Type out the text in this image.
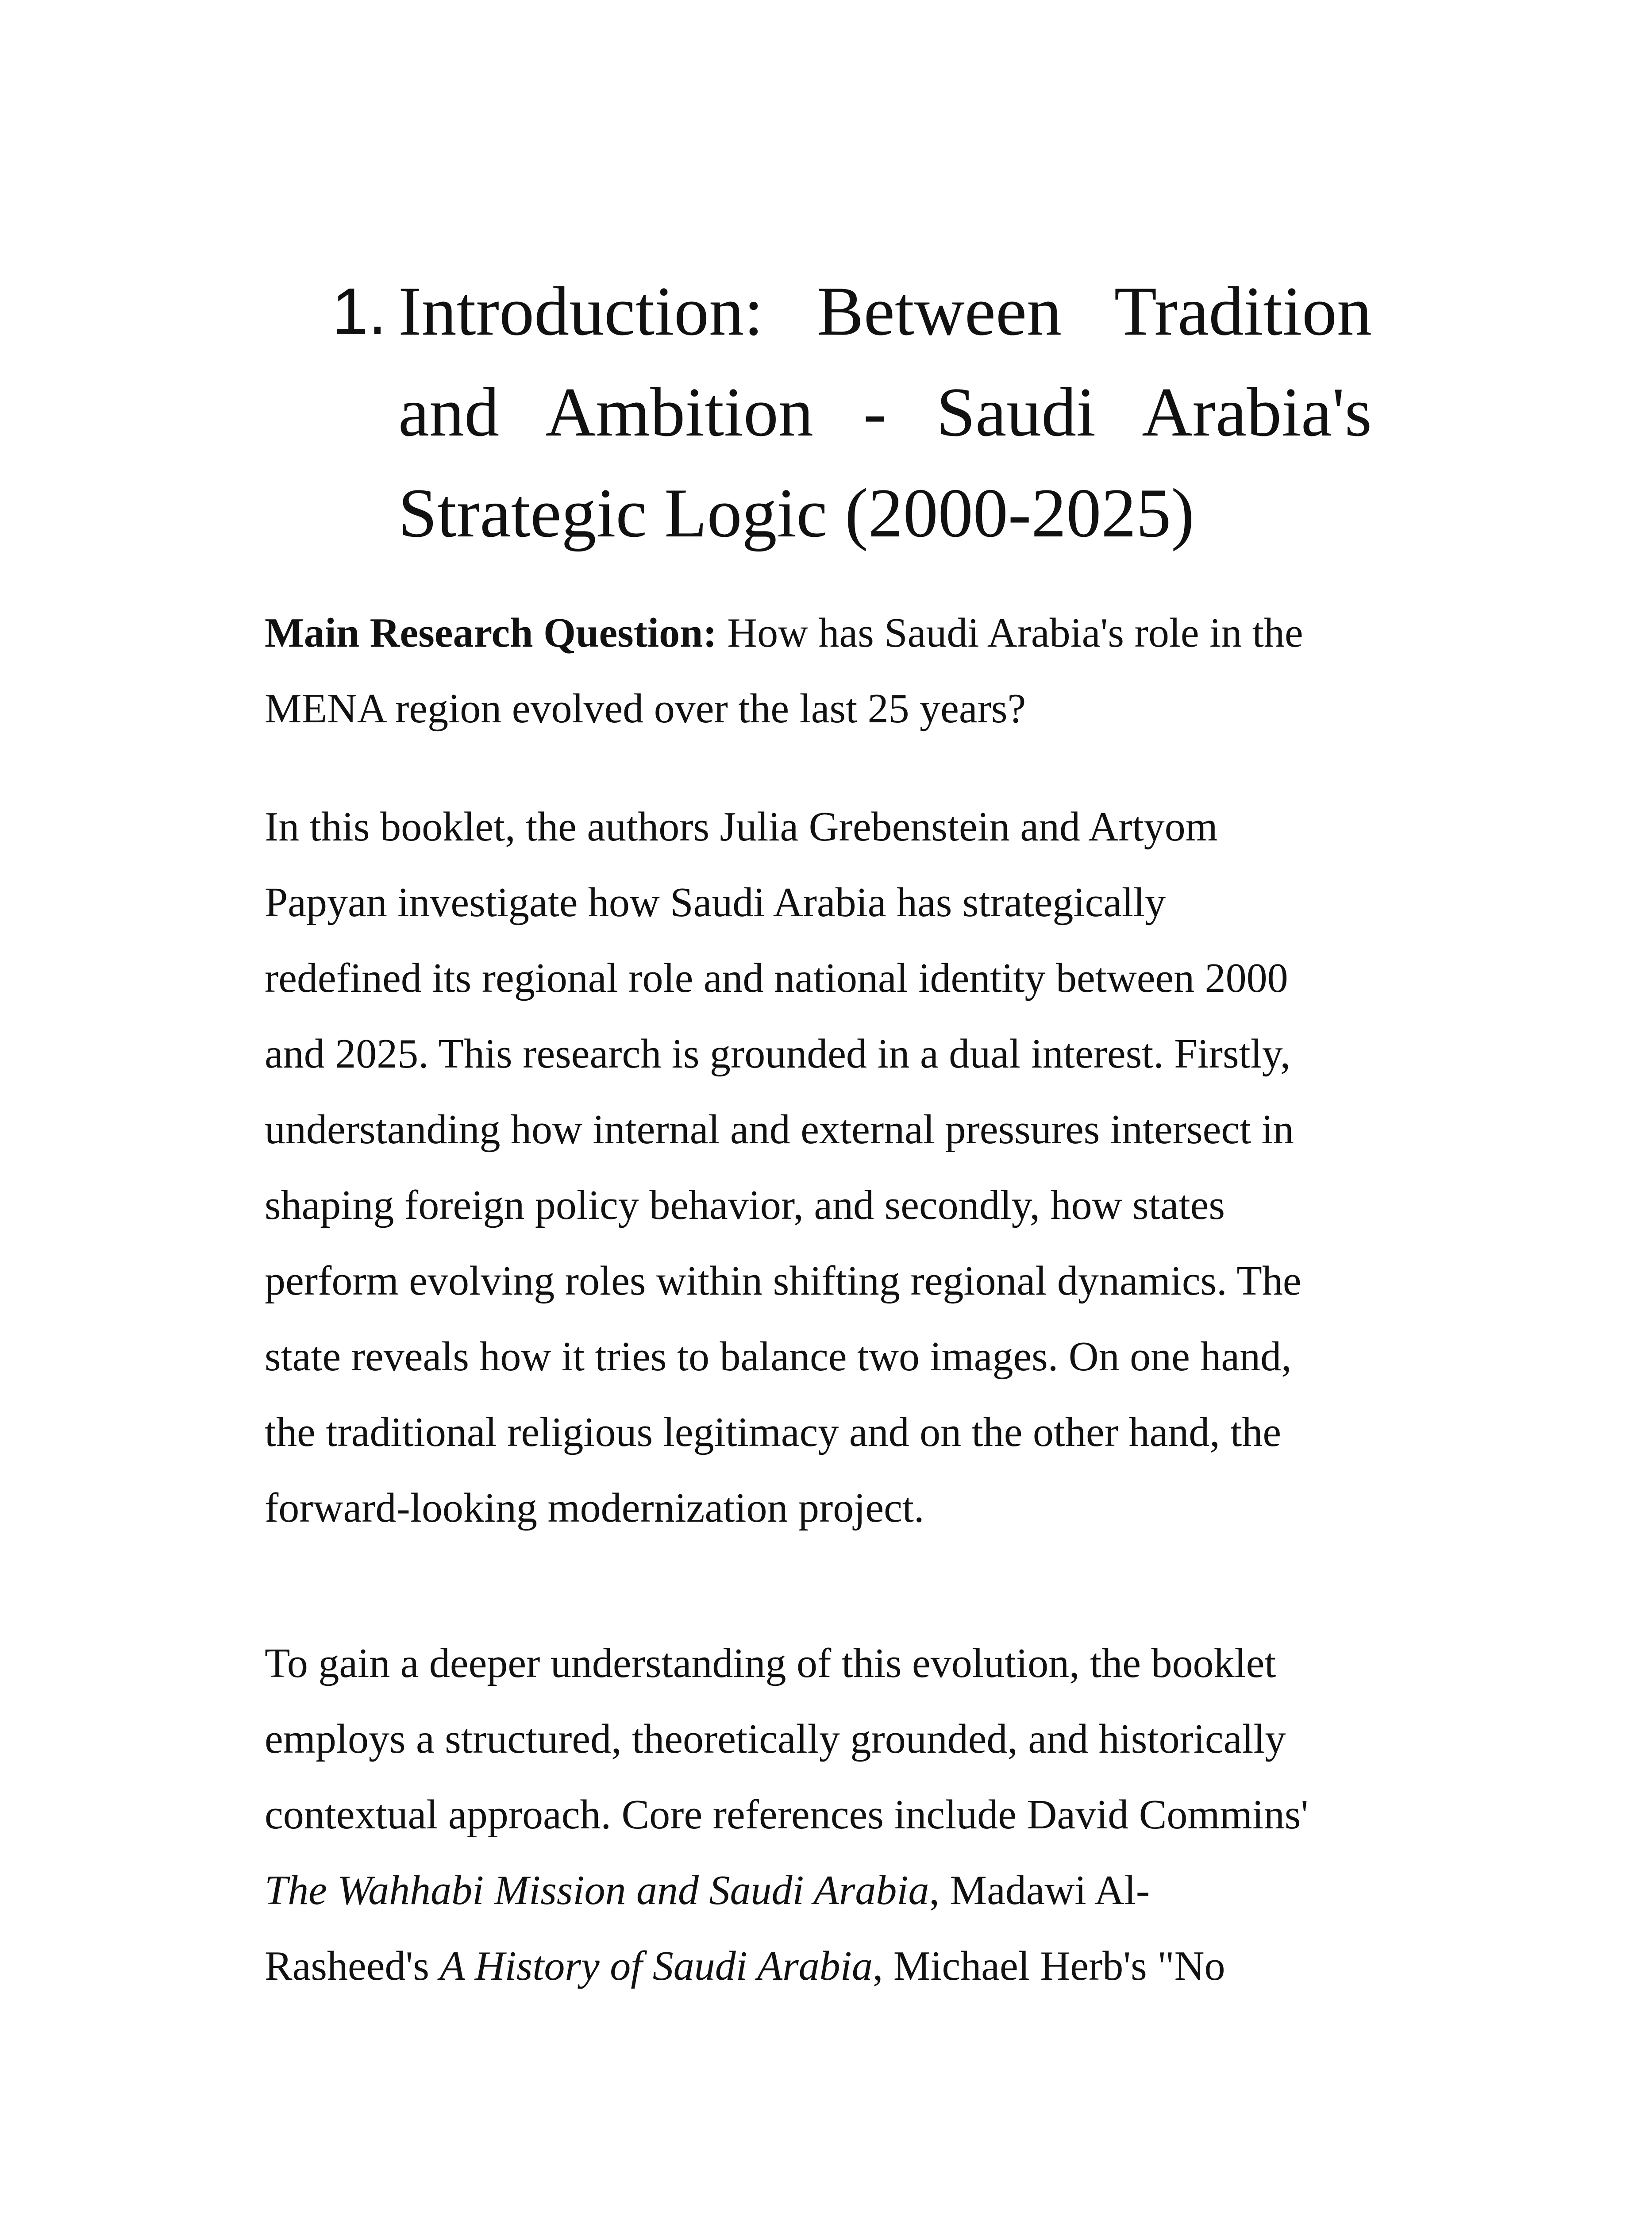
1. Introduction: Between Tradition
and Ambition - Saudi Arabia's
Strategic Logic (2000-2025)

Main Research Question: How has Saudi Arabia's role in the
MENA region evolved over the last 25 years?

In this booklet, the authors Julia Grebenstein and Artyom
Papyan investigate how Saudi Arabia has strategically
redefined its regional role and national identity between 2000
and 2025. This research is grounded in a dual interest. Firstly,
understanding how internal and external pressures intersect in
shaping foreign policy behavior, and secondly, how states
perform evolving roles within shifting regional dynamics. The
state reveals how it tries to balance two images. On one hand,
the traditional religious legitimacy and on the other hand, the
forward-looking modernization project.

To gain a deeper understanding of this evolution, the booklet
employs a structured, theoretically grounded, and historically
contextual approach. Core references include David Commins'
The Wahhabi Mission and Saudi Arabia, Madawi Al-
Rasheed's A History of Saudi Arabia, Michael Herb's "No
